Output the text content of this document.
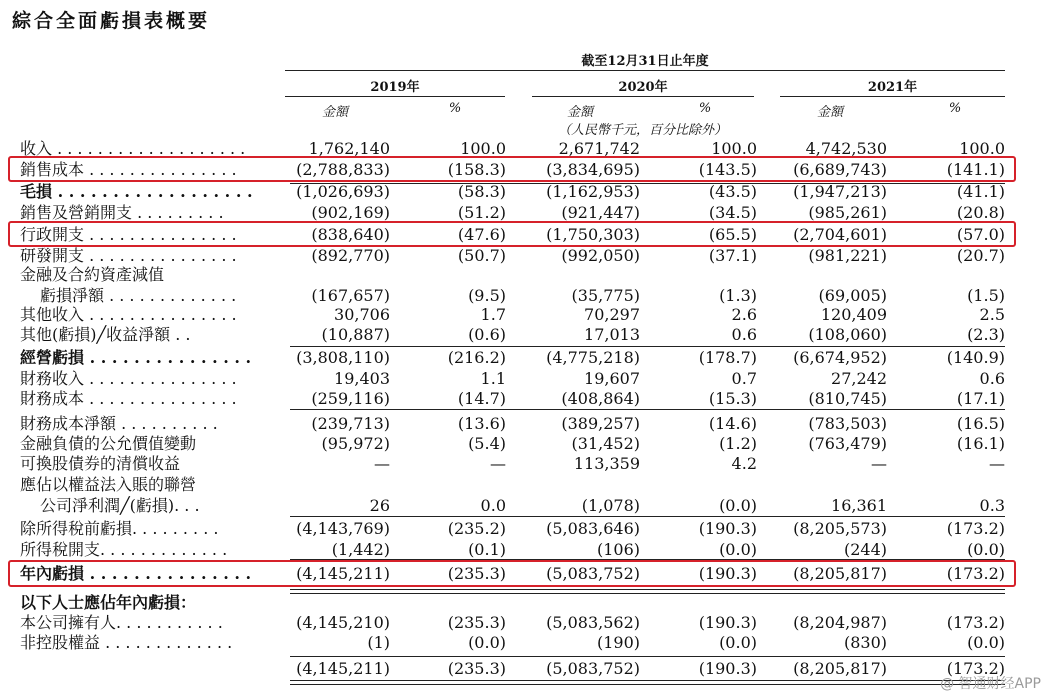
綜合全面虧損表概要
截至12月31日止年度
2019年	2020年	2021年
金額	%	金額	%	金額	%
（人民幣千元，百分比除外）
收入 . . . . . . . . . . . . . . . . . . .	1,762,140	100.0	2,671,742	100.0	4,742,530	100.0
銷售成本 . . . . . . . . . . . . . . .	(2,788,833)	(158.3)	(3,834,695)	(143.5) (6,689,743)	(141.1)
毛損 . . . . . . . . . . . . . . . . . .	(1,026,693)	(58.3)	(1,162,953)	(43.5) (1,947,213)	(41.1)
銷售及營銷開支 . . . . . . . . .	(902,169)	(51.2)	(921,447)	(34.5)	(985,261)	(20.8)
行政開支 . . . . . . . . . . . . . . .	(838,640)	(47.6)	(1,750,303)	(65.5) (2,704,601)	(57.0)
研發開支 . . . . . . . . . . . . . . .	(892,770)	(50.7)	(992,050)	(37.1)	(981,221)	(20.7)
金融及合約資產減值
虧損淨額 . . . . . . . . . . . . .	(167,657)	(9.5)	(35,775)	(1.3)	(69,005)	(1.5)
其他收入 . . . . . . . . . . . . . . .	30,706	1.7	70,297	2.6	120,409	2.5
其他(虧損)╱收益淨額 . .	(10,887)	(0.6)	17,013	0.6	(108,060)	(2.3)
經營虧損 . . . . . . . . . . . . . . .	(3,808,110)	(216.2)	(4,775,218)	(178.7) (6,674,952)	(140.9)
財務收入 . . . . . . . . . . . . . . .	19,403	1.1	19,607	0.7	27,242	0.6
財務成本 . . . . . . . . . . . . . . .	(259,116)	(14.7)	(408,864)	(15.3)	(810,745)	(17.1)
財務成本淨額 . . . . . . . . . .	(239,713)	(13.6)	(389,257)	(14.6)	(783,503)	(16.5)
金融負債的公允價值變動	(95,972)	(5.4)	(31,452)	(1.2)	(763,479)	(16.1)
可換股債券的清償收益	—	—	113,359	4.2	—	—
應佔以權益法入賬的聯營
公司淨利潤╱(虧損). . .	26	0.0	(1,078)	(0.0)	16,361	0.3
除所得稅前虧損. . . . . . . . .	(4,143,769)	(235.2)	(5,083,646)	(190.3) (8,205,573)	(173.2)
所得稅開支. . . . . . . . . . . . .	(1,442)	(0.1)	(106)	(0.0)	(244)	(0.0)
年內虧損 . . . . . . . . . . . . . . .	(4,145,211)	(235.3)	(5,083,752)	(190.3) (8,205,817)	(173.2)
以下人士應佔年內虧損：
本公司擁有人. . . . . . . . . . .	(4,145,210)	(235.3)	(5,083,562)	(190.3) (8,204,987)	(173.2)
非控股權益 . . . . . . . . . . . . .	(1)	(0.0)	(190)	(0.0)	(830)	(0.0)
(4,145,211)	(235.3)	(5,083,752)	(190.3) (8,205,817)	(173.2)
@ 智通财经APP
